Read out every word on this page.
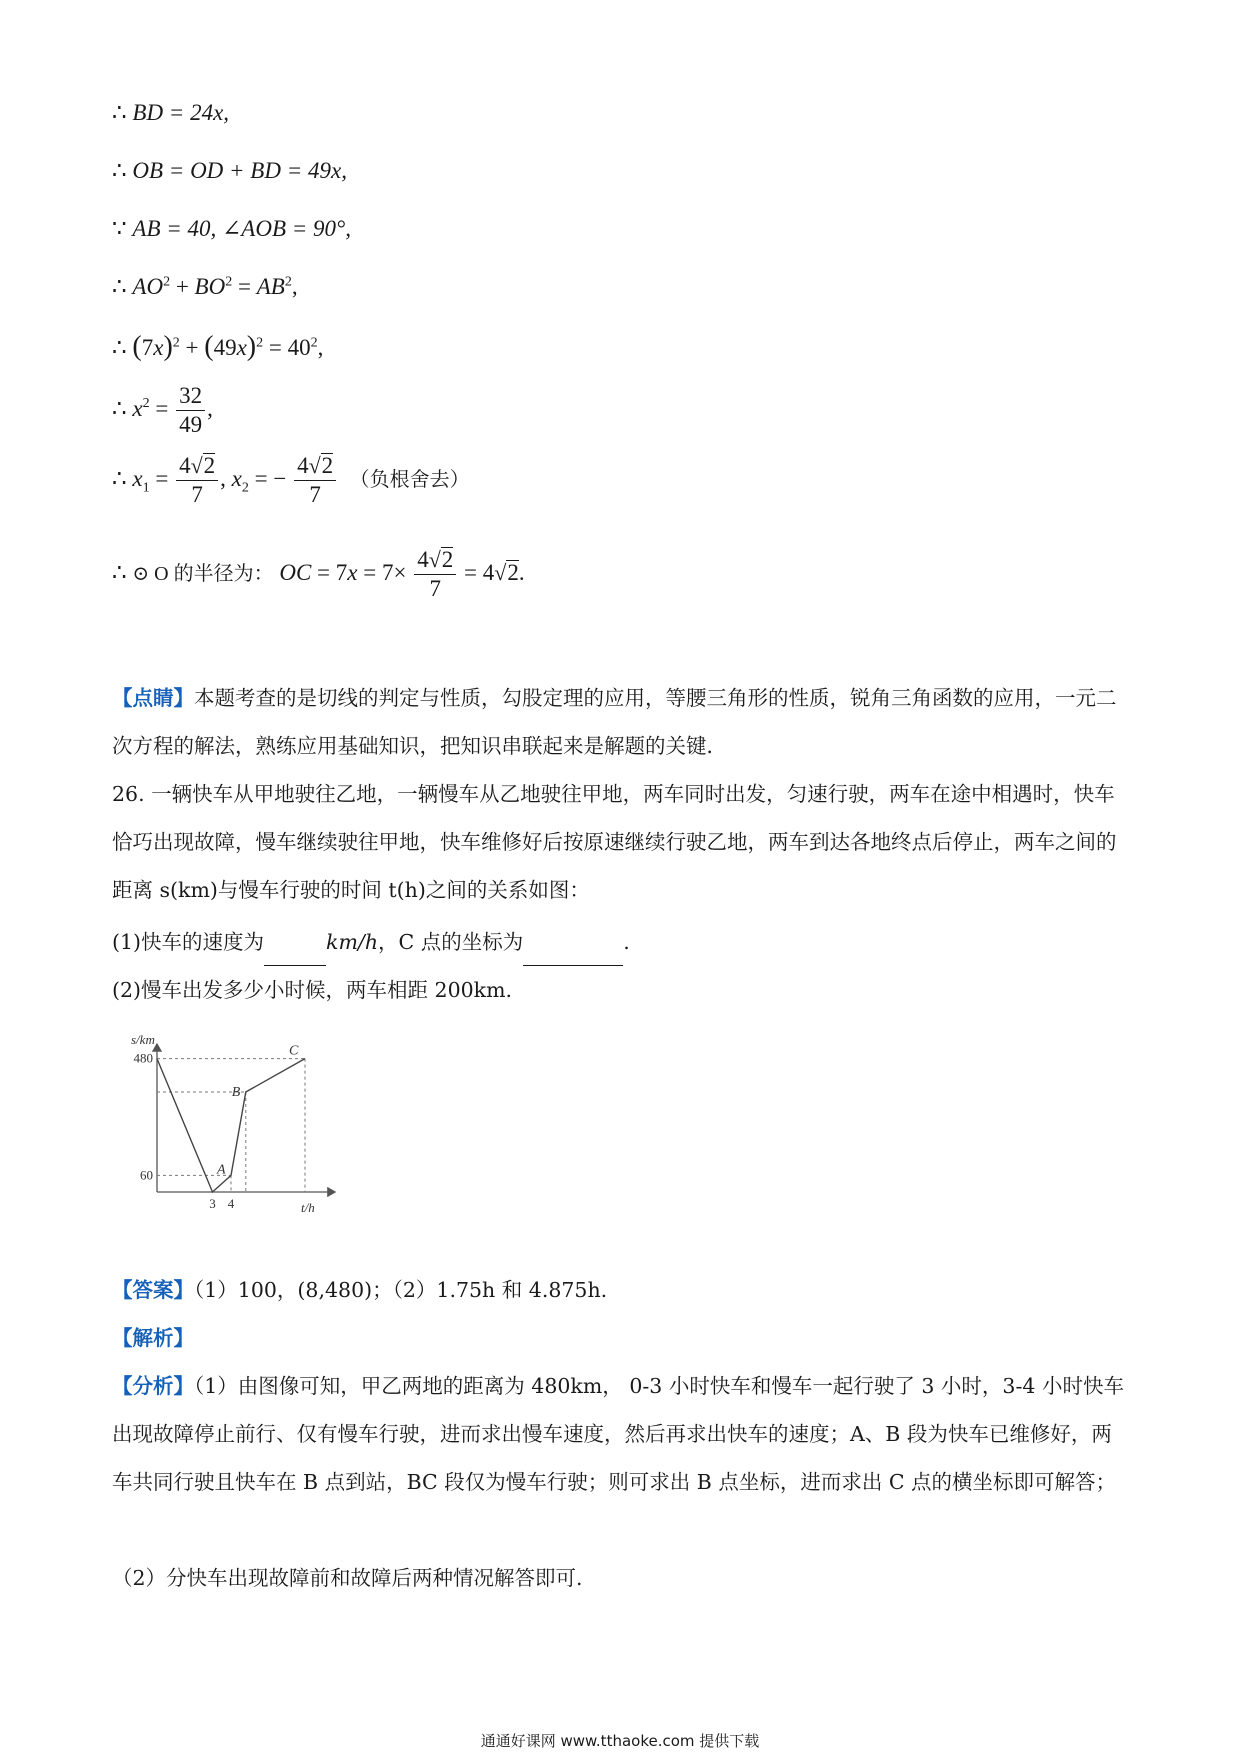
∴ BD = 24x,
∴ OB = OD + BD = 49x,
∵ AB = 40, ∠AOB = 90°,
∴ $AO^2 + BO^2 = AB^2$,
∴ $(7x)^2 + (49x)^2 = 40^2$,
∴ $x^2 = \frac{32}{49}$ ,
∴ $x_1 = \frac{4√2}{7}$ , $x_2$ = − $\frac{4√2}{7}$ （负根舍去）
∴ ⊙ O 的半径为： OC = $7x = 7\times \frac{4√2}{7} = 4√2$.
【点睛】本题考查的是切线的判定与性质，勾股定理的应用，等腰三角形的性质，锐角三角函数的应用，一元二次方程的解法，熟练应用基础知识，把知识串联起来是解题的关键．
26. 一辆快车从甲地驶往乙地，一辆慢车从乙地驶往甲地，两车同时出发，匀速行驶，两车在途中相遇时，快车恰巧出现故障，慢车继续驶往甲地，快车维修好后按原速继续行驶乙地，两车到达各地终点后停止，两车之间的距离 s(km)与慢车行驶的时间 t(h)之间的关系如图：
(1)快车的速度为	km/h，C 点的坐标为	.
(2)慢车出发多少小时候，两车相距 200km.
s/km
t/h
480
60
3 4
A
B
C
【答案】（1）100，(8,480)；（2）1.75h 和 4.875h.
【解析】
【分析】（1）由图像可知，甲乙两地的距离为 480km， 0-3 小时快车和慢车一起行驶了 3 小时，3-4 小时快车出现故障停止前行、仅有慢车行驶，进而求出慢车速度，然后再求出快车的速度；A、B 段为快车已维修好，两车共同行驶且快车在 B 点到站，BC 段仅为慢车行驶；则可求出 B 点坐标，进而求出 C 点的横坐标即可解答；
（2）分快车出现故障前和故障后两种情况解答即可.
通通好课网 www.tthaoke.com 提供下载
